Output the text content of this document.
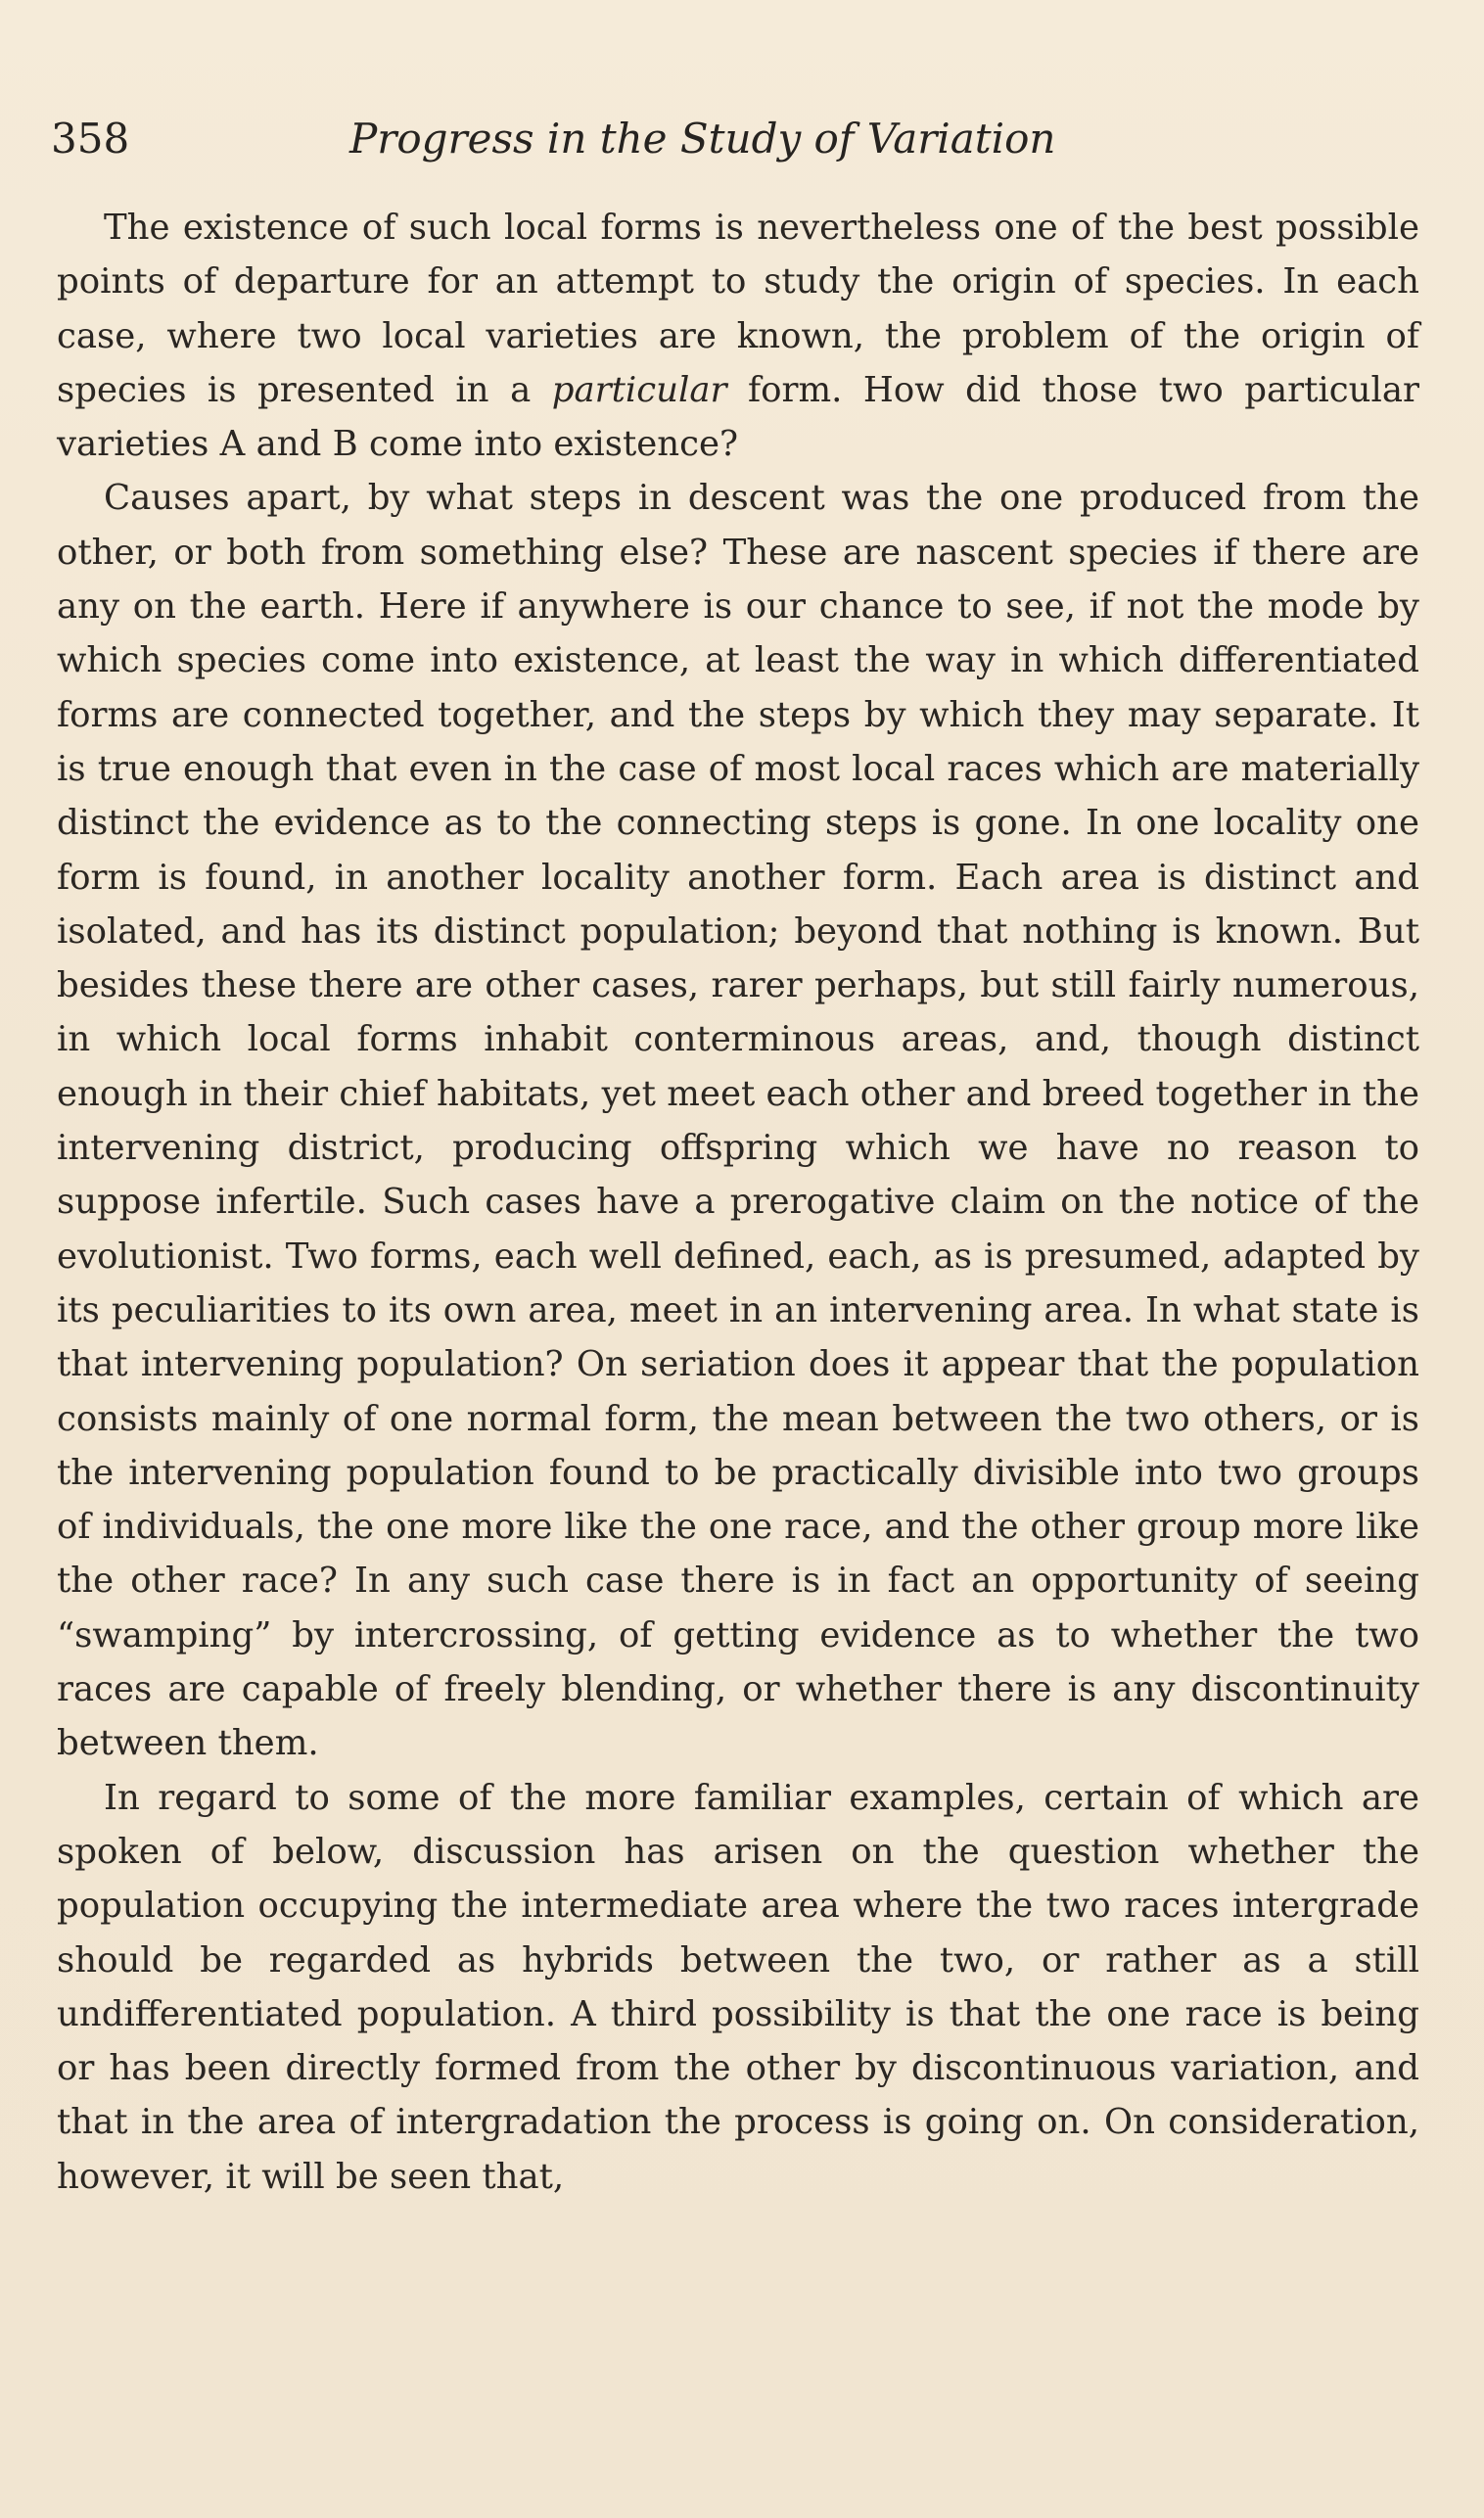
358	Progress in the Study of Variation

The existence of such local forms is nevertheless one of the best possible points of departure for an attempt to study the origin of species. In each case, where two local varieties are known, the problem of the origin of species is presented in a particular form. How did those two particular varieties A and B come into existence?

Causes apart, by what steps in descent was the one produced from the other, or both from something else? These are nascent species if there are any on the earth. Here if anywhere is our chance to see, if not the mode by which species come into existence, at least the way in which differentiated forms are connected together, and the steps by which they may separate. It is true enough that even in the case of most local races which are materially distinct the evidence as to the connecting steps is gone. In one locality one form is found, in another locality another form. Each area is distinct and isolated, and has its distinct population; beyond that nothing is known. But besides these there are other cases, rarer perhaps, but still fairly numerous, in which local forms inhabit conterminous areas, and, though distinct enough in their chief habitats, yet meet each other and breed together in the intervening district, producing offspring which we have no reason to suppose infertile. Such cases have a prerogative claim on the notice of the evolutionist. Two forms, each well defined, each, as is presumed, adapted by its peculiarities to its own area, meet in an intervening area. In what state is that intervening population? On seriation does it appear that the population consists mainly of one normal form, the mean between the two others, or is the intervening population found to be practically divisible into two groups of individuals, the one more like the one race, and the other group more like the other race? In any such case there is in fact an opportunity of seeing “swamping” by intercrossing, of getting evidence as to whether the two races are capable of freely blending, or whether there is any discontinuity between them.

In regard to some of the more familiar examples, certain of which are spoken of below, discussion has arisen on the question whether the population occupying the intermediate area where the two races intergrade should be regarded as hybrids between the two, or rather as a still undifferentiated population. A third possibility is that the one race is being or has been directly formed from the other by discontinuous variation, and that in the area of intergradation the process is going on. On consideration, however, it will be seen that,
